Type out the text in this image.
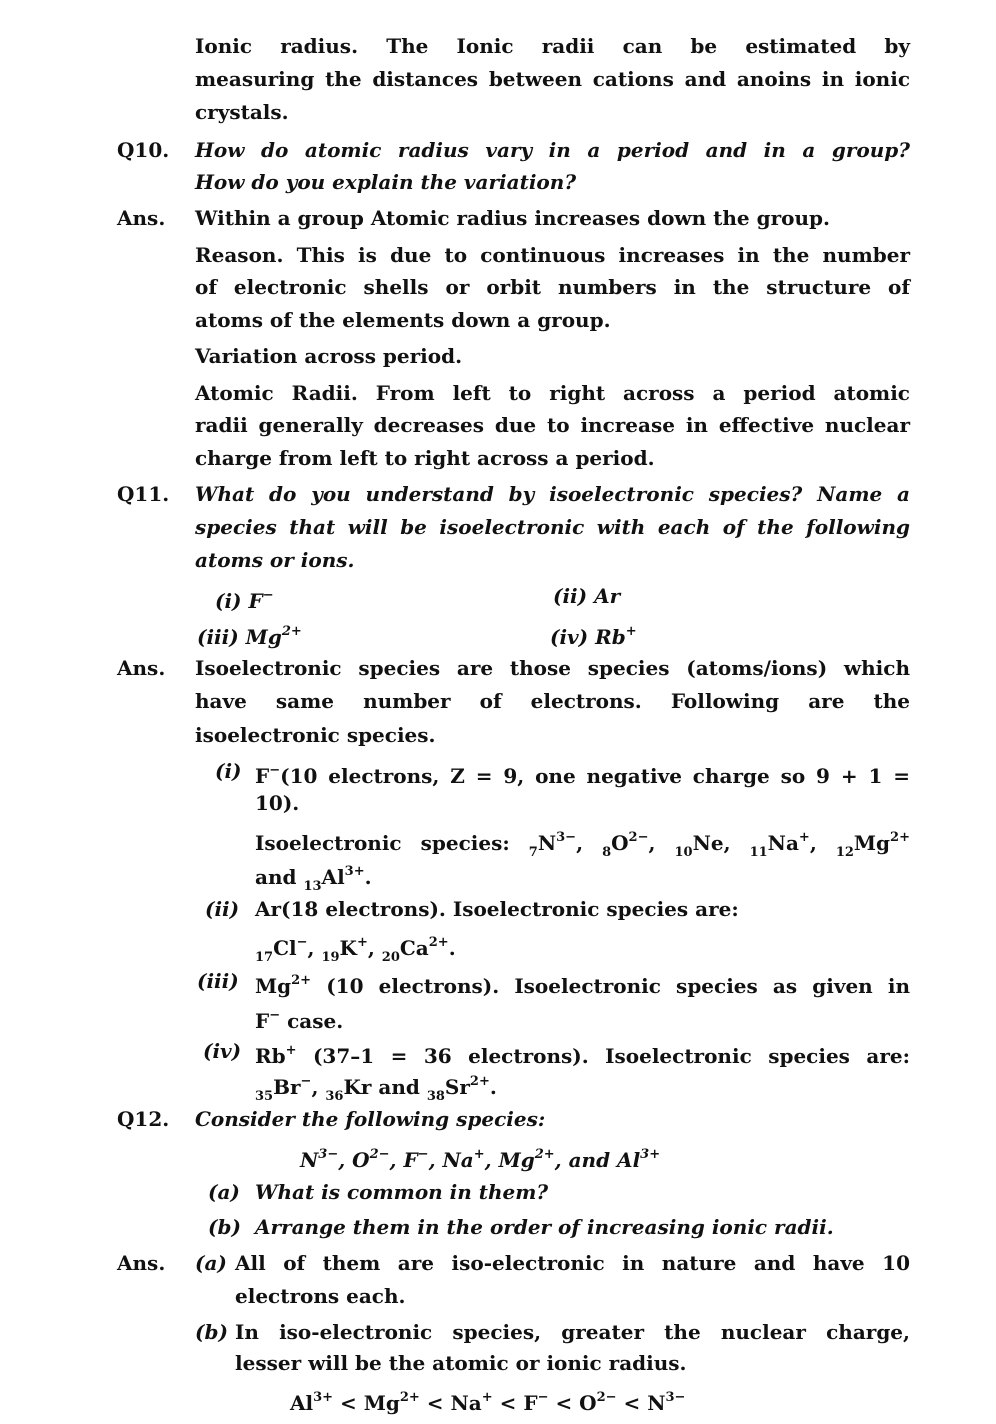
Ionic radius. The Ionic radii can be estimated by
measuring the distances between cations and anoins in ionic
crystals.
Q10. How do atomic radius vary in a period and in a group?
How do you explain the variation?
Ans. Within a group Atomic radius increases down the group.
Reason. This is due to continuous increases in the number
of electronic shells or orbit numbers in the structure of
atoms of the elements down a group.
Variation across period.
Atomic Radii. From left to right across a period atomic
radii generally decreases due to increase in effective nuclear
charge from left to right across a period.
Q11. What do you understand by isoelectronic species? Name a
species that will be isoelectronic with each of the following
atoms or ions.
(i) F−	(ii) Ar
(iii) $Mg^{2+}$	(iv) Rb+
Ans. Isoelectronic species are those species (atoms/ions) which
have same number of electrons. Following are the
isoelectronic species.
(i) F−(10 electrons, Z = 9, one negative charge so 9 + 1 =
10).
Isoelectronic species: $_7N^{3-}$, $_8O^{2-}$, $_{10}$Ne, $_{11}$Na+, $_{12}Mg^{2+}$
and $_{13}Al^{3+}$.
(ii) Ar(18 electrons). Isoelectronic species are:
$_{17}$Cl−, $_{19}$K+, $_{20}Ca^{2+}$.
(iii) $Mg^{2+}$ (10 electrons). Isoelectronic species as given in
F− case.
(iv) Rb+ (37–1 = 36 electrons). Isoelectronic species are:
$_{35}$Br−, $_{36}$Kr and $_{38}Sr^{2+}$.
Q12. Consider the following species:
$N^{3-}$, $O^{2-}$, F−, Na+, $Mg^{2+}$, and $Al^{3+}$
(a) What is common in them?
(b) Arrange them in the order of increasing ionic radii.
Ans. (a) All of them are iso-electronic in nature and have 10
electrons each.
(b) In iso-electronic species, greater the nuclear charge,
lesser will be the atomic or ionic radius.
$Al^{3+} < Mg^{2+} < Na^+ < F^- < O^{2-} < N^{3-}$
